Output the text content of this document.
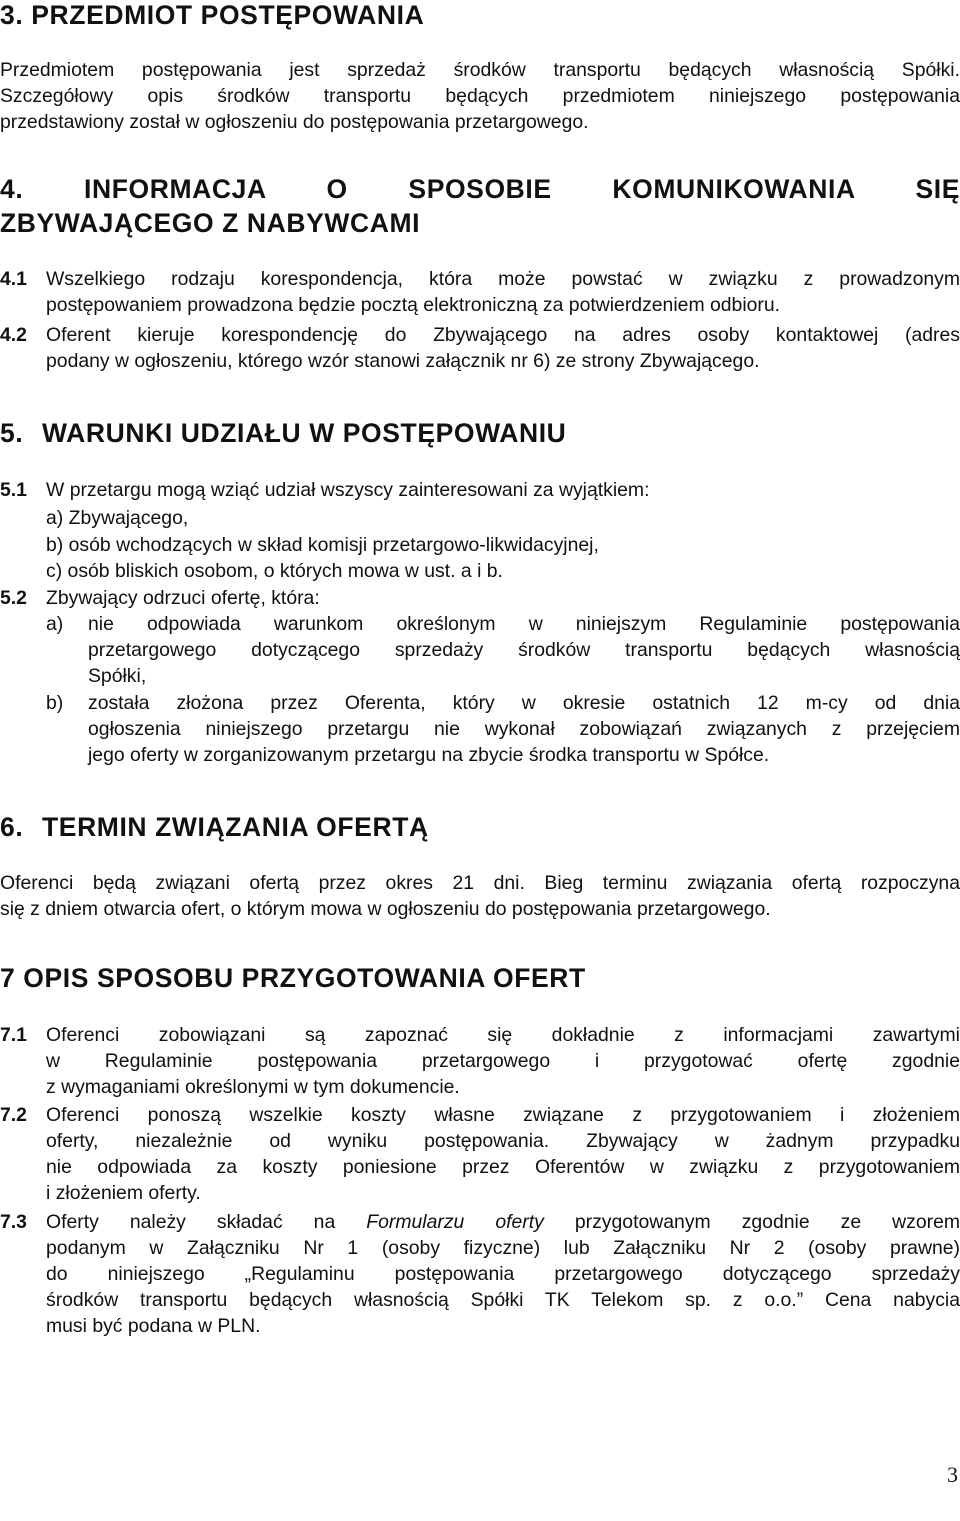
3. PRZEDMIOT POSTĘPOWANIA
Przedmiotem postępowania jest sprzedaż środków transportu będących własnością Spółki.
Szczegółowy opis środków transportu będących przedmiotem niniejszego postępowania
przedstawiony został w ogłoszeniu do postępowania przetargowego.
4. INFORMACJA O SPOSOBIE KOMUNIKOWANIA SIĘ
ZBYWAJĄCEGO Z NABYWCAMI
4.1 Wszelkiego rodzaju korespondencja, która może powstać w związku z prowadzonym
postępowaniem prowadzona będzie pocztą elektroniczną za potwierdzeniem odbioru.
4.2 Oferent kieruje korespondencję do Zbywającego na adres osoby kontaktowej (adres
podany w ogłoszeniu, którego wzór stanowi załącznik nr 6) ze strony Zbywającego.
5. WARUNKI UDZIAŁU W POSTĘPOWANIU
5.1 W przetargu mogą wziąć udział wszyscy zainteresowani za wyjątkiem:
a) Zbywającego,
b) osób wchodzących w skład komisji przetargowo-likwidacyjnej,
c) osób bliskich osobom, o których mowa w ust. a i b.
5.2 Zbywający odrzuci ofertę, która:
a) nie odpowiada warunkom określonym w niniejszym Regulaminie postępowania
przetargowego dotyczącego sprzedaży środków transportu będących własnością
Spółki,
b) została złożona przez Oferenta, który w okresie ostatnich 12 m-cy od dnia
ogłoszenia niniejszego przetargu nie wykonał zobowiązań związanych z przejęciem
jego oferty w zorganizowanym przetargu na zbycie środka transportu w Spółce.
6. TERMIN ZWIĄZANIA OFERTĄ
Oferenci będą związani ofertą przez okres 21 dni. Bieg terminu związania ofertą rozpoczyna
się z dniem otwarcia ofert, o którym mowa w ogłoszeniu do postępowania przetargowego.
7 OPIS SPOSOBU PRZYGOTOWANIA OFERT
7.1 Oferenci zobowiązani są zapoznać się dokładnie z informacjami zawartymi
w Regulaminie postępowania przetargowego i przygotować ofertę zgodnie
z wymaganiami określonymi w tym dokumencie.
7.2 Oferenci ponoszą wszelkie koszty własne związane z przygotowaniem i złożeniem
oferty, niezależnie od wyniku postępowania. Zbywający w żadnym przypadku
nie odpowiada za koszty poniesione przez Oferentów w związku z przygotowaniem
i złożeniem oferty.
7.3 Oferty należy składać na Formularzu oferty przygotowanym zgodnie ze wzorem
podanym w Załączniku Nr 1 (osoby fizyczne) lub Załączniku Nr 2 (osoby prawne)
do niniejszego „Regulaminu postępowania przetargowego dotyczącego sprzedaży
środków transportu będących własnością Spółki TK Telekom sp. z o.o.” Cena nabycia
musi być podana w PLN.
3
